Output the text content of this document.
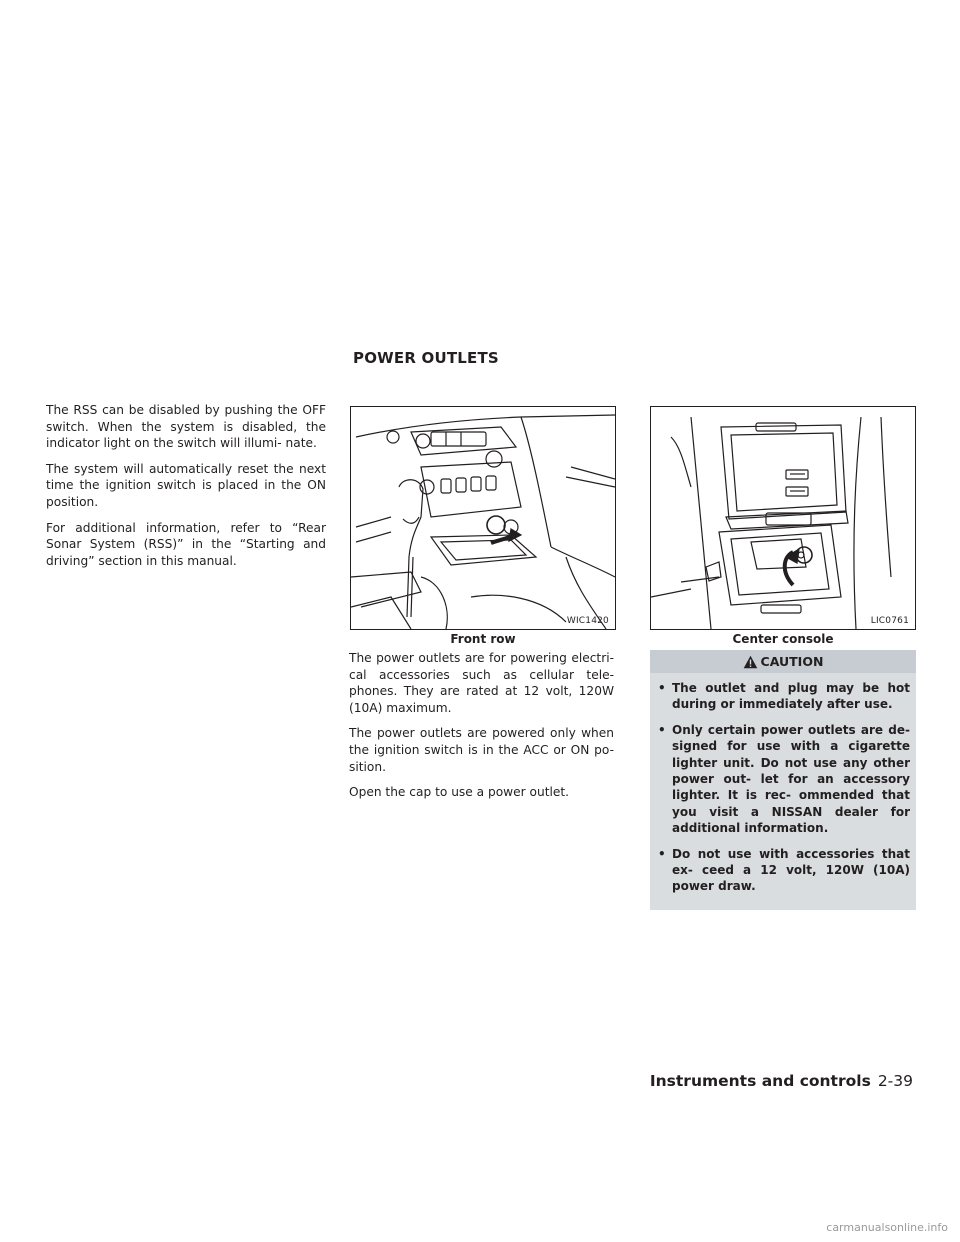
POWER OUTLETS

The RSS can be disabled by pushing the OFF switch. When the system is disabled, the indicator light on the switch will illumi- nate.

The system will automatically reset the next time the ignition switch is placed in the ON position.

For additional information, refer to “Rear Sonar System (RSS)” in the “Starting and driving” section in this manual.

WIC1420
Front row
LIC0761
Center console

The power outlets are for powering electri- cal accessories such as cellular tele- phones. They are rated at 12 volt, 120W (10A) maximum.

The power outlets are powered only when the ignition switch is in the ACC or ON po- sition.

Open the cap to use a power outlet.

CAUTION
• The outlet and plug may be hot during or immediately after use.
• Only certain power outlets are de- signed for use with a cigarette lighter unit. Do not use any other power out- let for an accessory lighter. It is rec- ommended that you visit a NISSAN dealer for additional information.
• Do not use with accessories that ex- ceed a 12 volt, 120W (10A) power draw.
Instruments and controls 2-39
carmanualsonline.info
